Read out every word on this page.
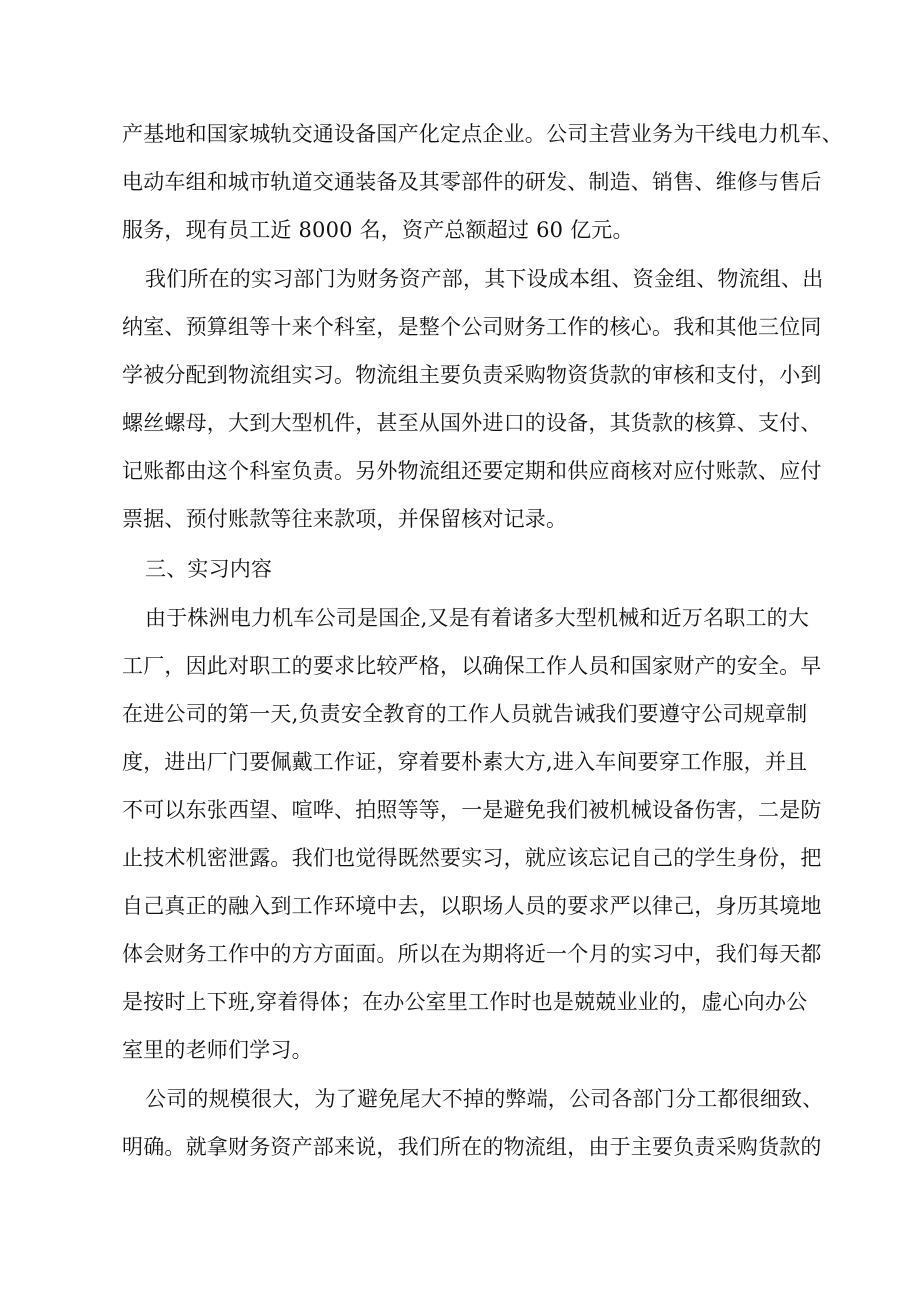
产基地和国家城轨交通设备国产化定点企业。公司主营业务为干线电力机车、
电动车组和城市轨道交通装备及其零部件的研发、制造、销售、维修与售后
服务，现有员工近 8000 名，资产总额超过 60 亿元。
我们所在的实习部门为财务资产部，其下设成本组、资金组、物流组、出
纳室、预算组等十来个科室，是整个公司财务工作的核心。我和其他三位同
学被分配到物流组实习。物流组主要负责采购物资货款的审核和支付，小到
螺丝螺母，大到大型机件，甚至从国外进口的设备，其货款的核算、支付、
记账都由这个科室负责。另外物流组还要定期和供应商核对应付账款、应付
票据、预付账款等往来款项，并保留核对记录。
三、实习内容
由于株洲电力机车公司是国企,又是有着诸多大型机械和近万名职工的大
工厂，因此对职工的要求比较严格，以确保工作人员和国家财产的安全。早
在进公司的第一天,负责安全教育的工作人员就告诫我们要遵守公司规章制
度，进出厂门要佩戴工作证，穿着要朴素大方,进入车间要穿工作服，并且
不可以东张西望、喧哗、拍照等等，一是避免我们被机械设备伤害，二是防
止技术机密泄露。我们也觉得既然要实习，就应该忘记自己的学生身份，把
自己真正的融入到工作环境中去，以职场人员的要求严以律己，身历其境地
体会财务工作中的方方面面。所以在为期将近一个月的实习中，我们每天都
是按时上下班,穿着得体；在办公室里工作时也是兢兢业业的，虚心向办公
室里的老师们学习。
公司的规模很大，为了避免尾大不掉的弊端，公司各部门分工都很细致、
明确。就拿财务资产部来说，我们所在的物流组，由于主要负责采购货款的
